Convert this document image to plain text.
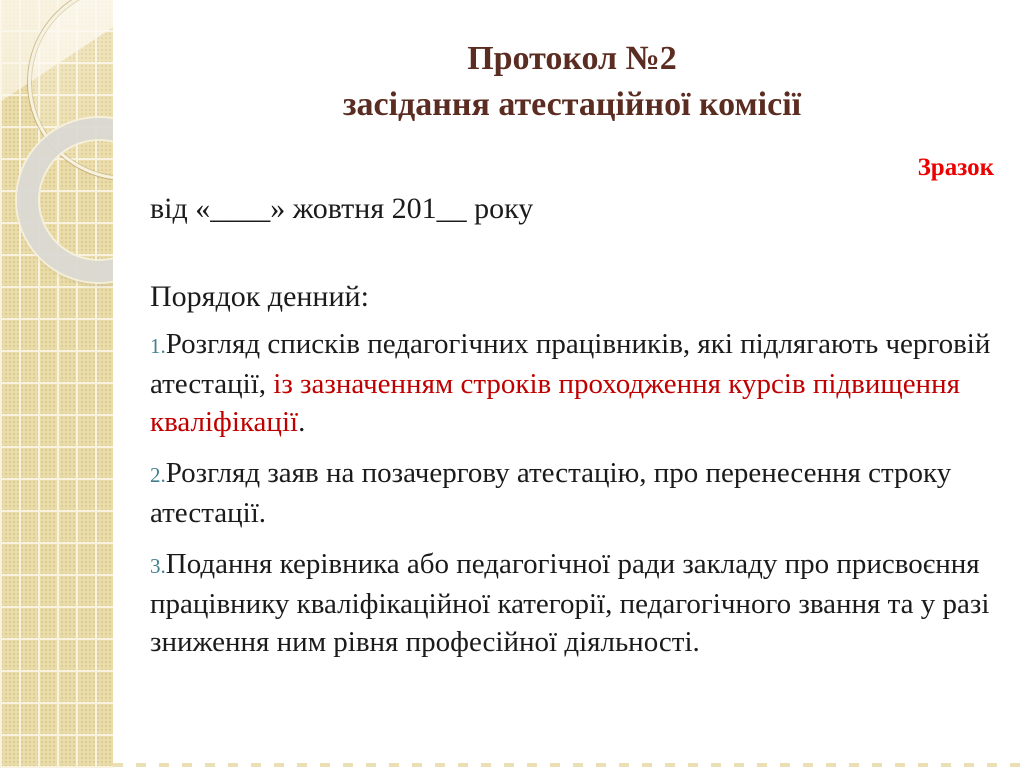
Протокол №2
засідання атестаційної комісії
Зразок
від «____» жовтня 201__ року
Порядок денний:

1.Розгляд списків педагогічних працівників, які підлягають черговій атестації, із зазначенням строків проходження курсів підвищення кваліфікації.

2.Розгляд заяв на позачергову атестацію, про перенесення строку атестації.

3.Подання керівника або педагогічної ради закладу про присвоєння працівнику кваліфікаційної категорії, педагогічного звання та у разі зниження ним рівня професійної діяльності.
